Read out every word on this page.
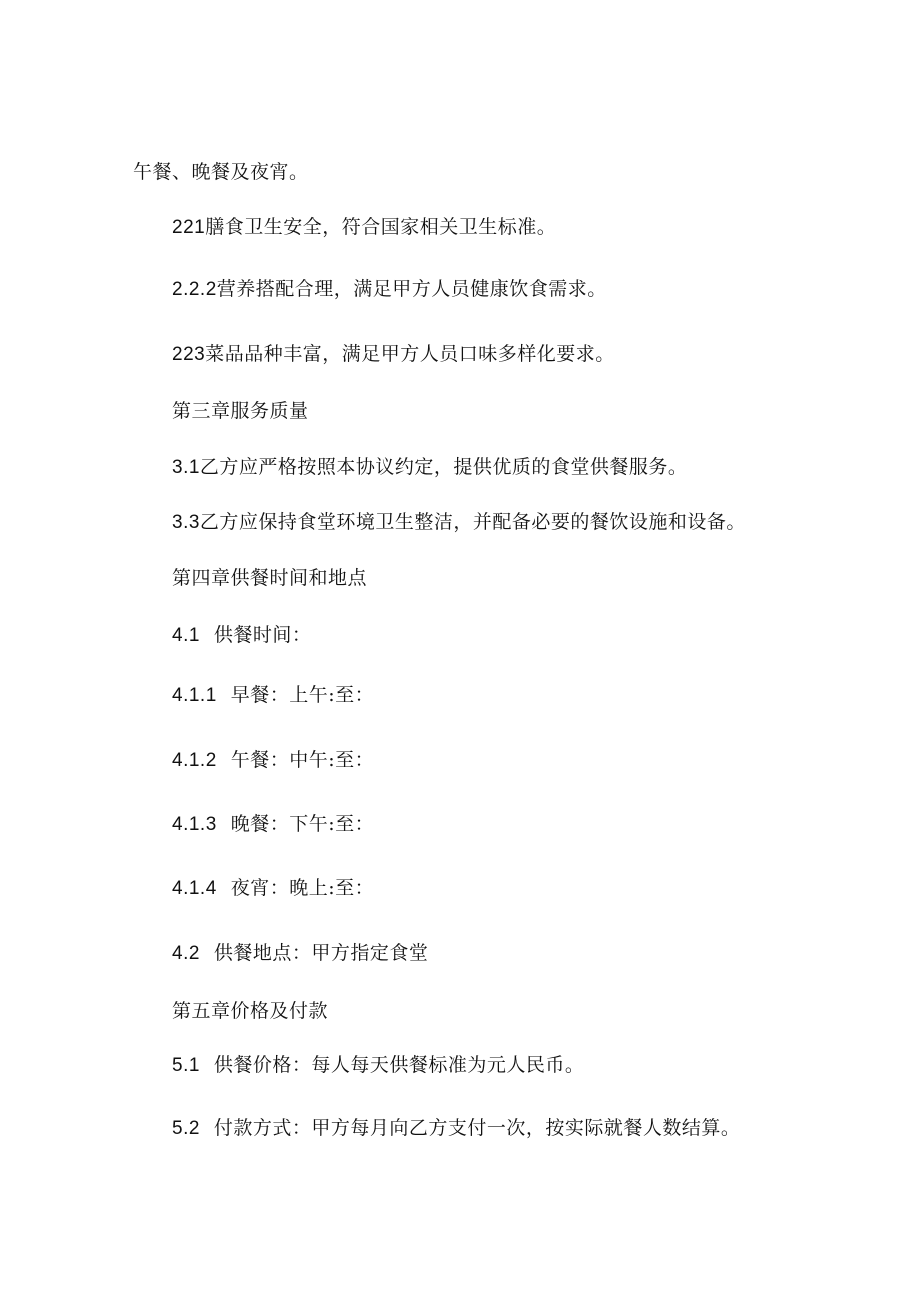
午餐、晚餐及夜宵。
221膳食卫生安全，符合国家相关卫生标准。
2.2.2营养搭配合理，满足甲方人员健康饮食需求。
223菜品品种丰富，满足甲方人员口味多样化要求。
第三章服务质量
3.1乙方应严格按照本协议约定，提供优质的食堂供餐服务。
3.3乙方应保持食堂环境卫生整洁，并配备必要的餐饮设施和设备。
第四章供餐时间和地点
4.1 供餐时间：
4.1.1 早餐：上午:至：
4.1.2 午餐：中午:至：
4.1.3 晚餐：下午:至：
4.1.4 夜宵：晚上:至：
4.2 供餐地点：甲方指定食堂
第五章价格及付款
5.1 供餐价格：每人每天供餐标准为元人民币。
5.2 付款方式：甲方每月向乙方支付一次，按实际就餐人数结算。
